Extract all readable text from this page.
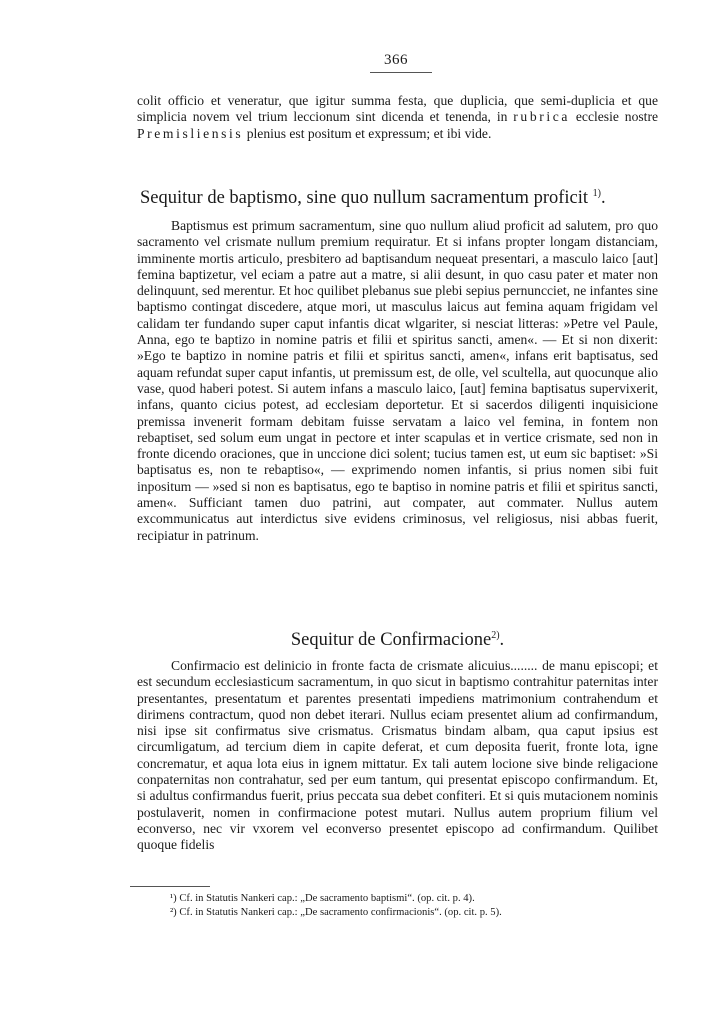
366

colit officio et veneratur, que igitur summa festa, que duplicia, que semi-duplicia et que simplicia novem vel trium leccionum sint dicenda et tenenda, in rubrica ecclesie nostre Premisliensis plenius est positum et expressum; et ibi vide.

Sequitur de baptismo, sine quo nullum sacramentum proficit $^{1)}$.

Baptismus est primum sacramentum, sine quo nullum aliud proficit ad salutem, pro quo sacramento vel crismate nullum premium requiratur. Et si infans propter longam distanciam, imminente mortis articulo, presbitero ad baptisandum nequeat presentari, a masculo laico [aut] femina baptizetur, vel eciam a patre aut a matre, si alii desunt, in quo casu pater et mater non delinquunt, sed merentur. Et hoc quilibet plebanus sue plebi sepius pernuncciet, ne infantes sine baptismo contingat discedere, atque mori, ut masculus laicus aut femina aquam frigidam vel calidam ter fundando super caput infantis dicat wlgariter, si nesciat litteras: »Petre vel Paule, Anna, ego te baptizo in nomine patris et filii et spiritus sancti, amen«. — Et si non dixerit: »Ego te baptizo in nomine patris et filii et spiritus sancti, amen«, infans erit baptisatus, sed aquam refundat super caput infantis, ut premissum est, de olle, vel scultella, aut quocunque alio vase, quod haberi potest. Si autem infans a masculo laico, [aut] femina baptisatus supervixerit, infans, quanto cicius potest, ad ecclesiam deportetur. Et si sacerdos diligenti inquisicione premissa invenerit formam debitam fuisse servatam a laico vel femina, in fontem non rebaptiset, sed solum eum ungat in pectore et inter scapulas et in vertice crismate, sed non in fronte dicendo oraciones, que in unccione dici solent; tucius tamen est, ut eum sic baptiset: »Si baptisatus es, non te rebaptiso«, — exprimendo nomen infantis, si prius nomen sibi fuit inpositum — »sed si non es baptisatus, ego te baptiso in nomine patris et filii et spiritus sancti, amen«. Sufficiant tamen duo patrini, aut compater, aut commater. Nullus autem excommunicatus aut interdictus sive evidens criminosus, vel religiosus, nisi abbas fuerit, recipiatur in patrinum.

Sequitur de Confirmacione$^{2)}$.

Confirmacio est delinicio in fronte facta de crismate alicuius........ de manu episcopi; et est secundum ecclesiasticum sacramentum, in quo sicut in baptismo contrahitur paternitas inter presentantes, presentatum et parentes presentati impediens matrimonium contrahendum et dirimens contractum, quod non debet iterari. Nullus eciam presentet alium ad confirmandum, nisi ipse sit confirmatus sive crismatus. Crismatus bindam albam, qua caput ipsius est circumligatum, ad tercium diem in capite deferat, et cum deposita fuerit, fronte lota, igne concrematur, et aqua lota eius in ignem mittatur. Ex tali autem locione sive binde religacione conpaternitas non contrahatur, sed per eum tantum, qui presentat episcopo confirmandum. Et, si adultus confirmandus fuerit, prius peccata sua debet confiteri. Et si quis mutacionem nominis postulaverit, nomen in confirmacione potest mutari. Nullus autem proprium filium vel econverso, nec vir vxorem vel econverso presentet episcopo ad confirmandum. Quilibet quoque fidelis

¹) Cf. in Statutis Nankeri cap.: „De sacramento baptismi“. (op. cit. p. 4).
²) Cf. in Statutis Nankeri cap.: „De sacramento confirmacionis“. (op. cit. p. 5).
